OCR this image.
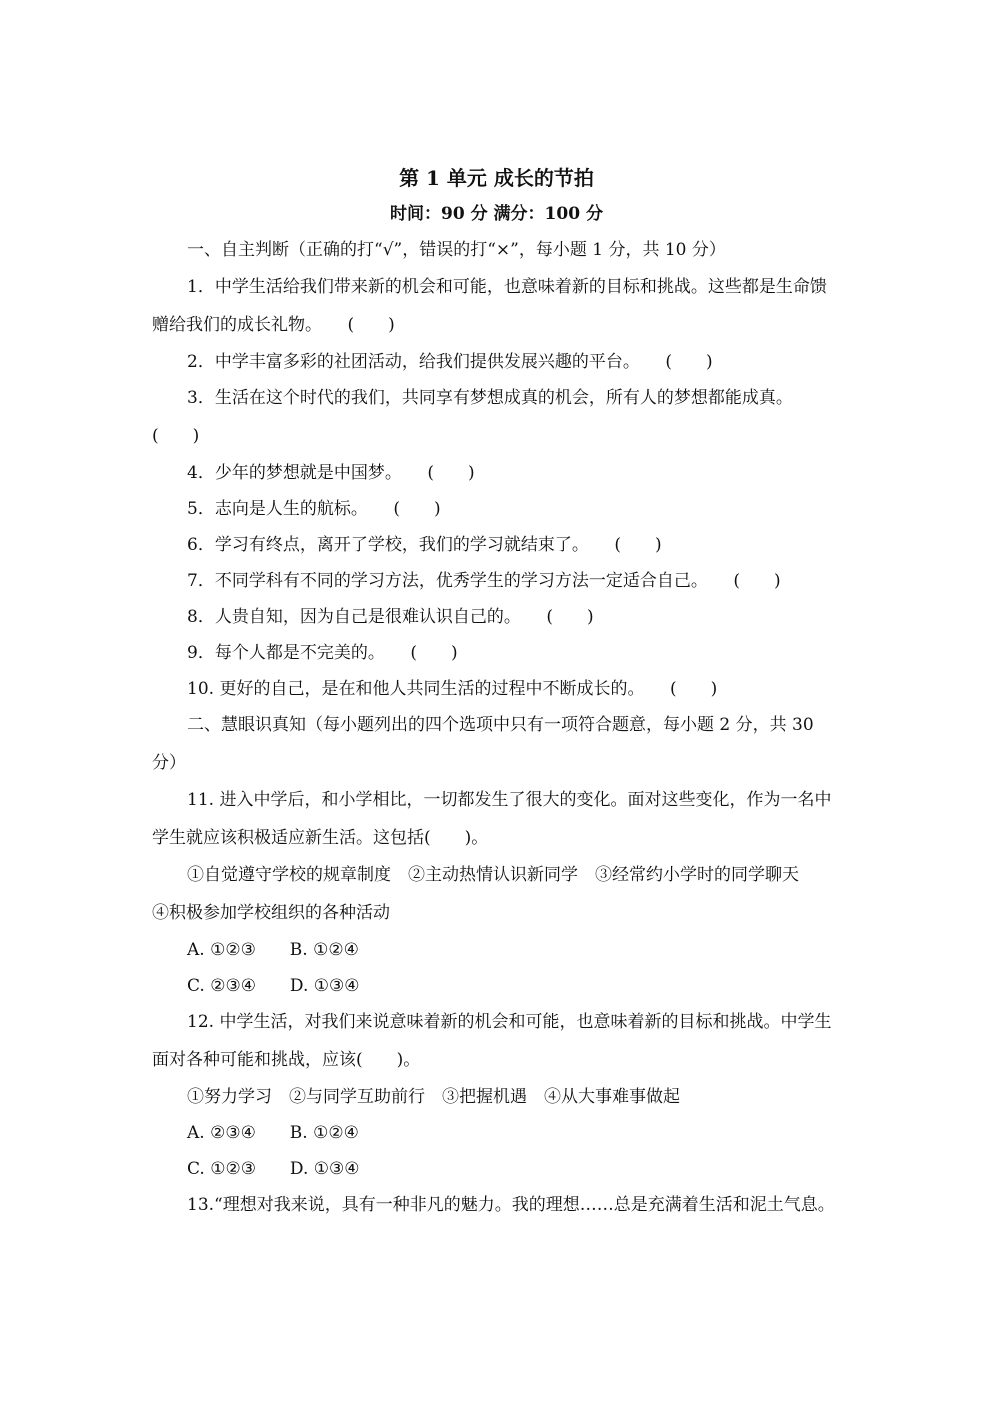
第 1 单元 成长的节拍
时间：90 分 满分：100 分
一、自主判断（正确的打“√”，错误的打“×”，每小题 1 分，共 10 分）
1．中学生活给我们带来新的机会和可能，也意味着新的目标和挑战。这些都是生命馈
赠给我们的成长礼物。　　(　　)
2．中学丰富多彩的社团活动，给我们提供发展兴趣的平台。　　(　　)
3．生活在这个时代的我们，共同享有梦想成真的机会，所有人的梦想都能成真。
(　　)
4．少年的梦想就是中国梦。　　(　　)
5．志向是人生的航标。　　(　　)
6．学习有终点，离开了学校，我们的学习就结束了。　　(　　)
7．不同学科有不同的学习方法，优秀学生的学习方法一定适合自己。　　(　　)
8．人贵自知，因为自己是很难认识自己的。　　(　　)
9．每个人都是不完美的。　　(　　)
10. 更好的自己，是在和他人共同生活的过程中不断成长的。　　(　　)
二、慧眼识真知（每小题列出的四个选项中只有一项符合题意，每小题 2 分，共 30
分）
11. 进入中学后，和小学相比，一切都发生了很大的变化。面对这些变化，作为一名中
学生就应该积极适应新生活。这包括(　　)。
①自觉遵守学校的规章制度　②主动热情认识新同学　③经常约小学时的同学聊天
④积极参加学校组织的各种活动
A. ①②③　　B. ①②④
C. ②③④　　D. ①③④
12. 中学生活，对我们来说意味着新的机会和可能，也意味着新的目标和挑战。中学生
面对各种可能和挑战，应该(　　)。
①努力学习　②与同学互助前行　③把握机遇　④从大事难事做起
A. ②③④　　B. ①②④
C. ①②③　　D. ①③④
13.“理想对我来说，具有一种非凡的魅力。我的理想……总是充满着生活和泥土气息。
